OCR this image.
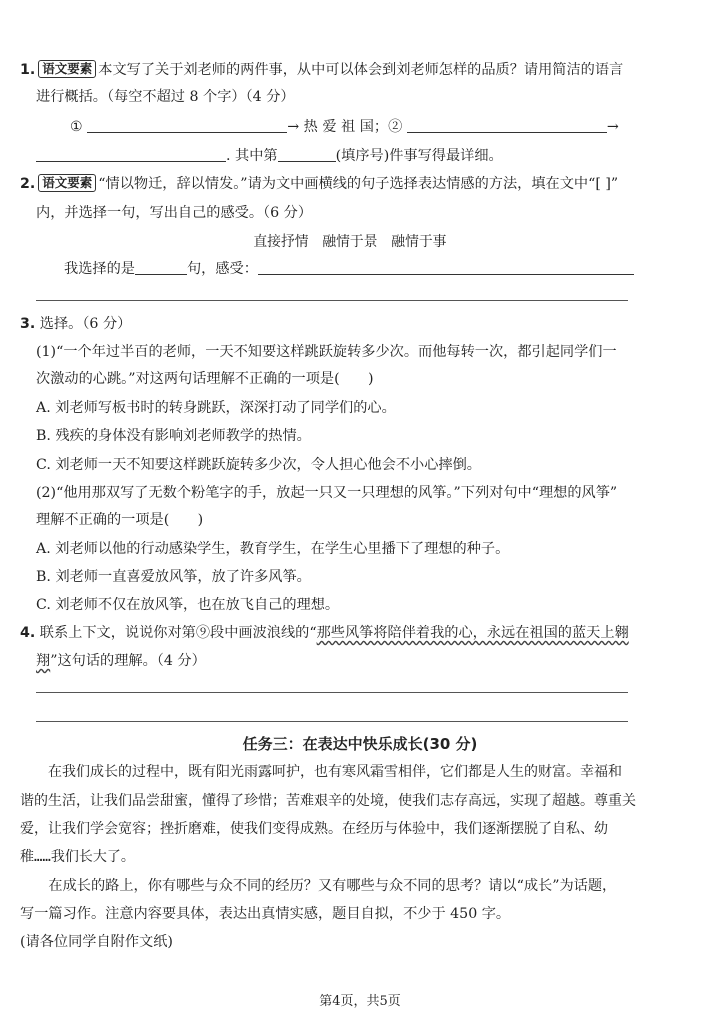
1. 语文要素 本文写了关于刘老师的两件事，从中可以体会到刘老师怎样的品质？请用简洁的语言
进行概括。（每空不超过 8 个字）（4 分）
①	→ 热 爱 祖 国；②	→
. 其中第	(填序号)件事写得最详细。
2. 语文要素 “情以物迁，辞以情发。”请为文中画横线的句子选择表达情感的方法，填在文中“[ ]”
内，并选择一句，写出自己的感受。（6 分）
直接抒情　融情于景　融情于事
我选择的是	句，感受：
3. 选择。（6 分）
(1)“一个年过半百的老师，一天不知要这样跳跃旋转多少次。而他每转一次，都引起同学们一
次激动的心跳。”对这两句话理解不正确的一项是(　　)
A. 刘老师写板书时的转身跳跃，深深打动了同学们的心。
B. 残疾的身体没有影响刘老师教学的热情。
C. 刘老师一天不知要这样跳跃旋转多少次，令人担心他会不小心摔倒。
(2)“他用那双写了无数个粉笔字的手，放起一只又一只理想的风筝。”下列对句中“理想的风筝”
理解不正确的一项是(　　)
A. 刘老师以他的行动感染学生，教育学生，在学生心里播下了理想的种子。
B. 刘老师一直喜爱放风筝，放了许多风筝。
C. 刘老师不仅在放风筝，也在放飞自己的理想。
4. 联系上下文，说说你对第⑨段中画波浪线的“那些风筝将陪伴着我的心，永远在祖国的蓝天上翱
翔”这句话的理解。（4 分）
任务三：在表达中快乐成长(30 分)
　　在我们成长的过程中，既有阳光雨露呵护，也有寒风霜雪相伴，它们都是人生的财富。幸福和
谐的生活，让我们品尝甜蜜，懂得了珍惜；苦难艰辛的处境，使我们志存高远，实现了超越。尊重关
爱，让我们学会宽容；挫折磨难，使我们变得成熟。在经历与体验中，我们逐渐摆脱了自私、幼
稚……我们长大了。
　　在成长的路上，你有哪些与众不同的经历？又有哪些与众不同的思考？请以“成长”为话题，
写一篇习作。注意内容要具体，表达出真情实感，题目自拟，不少于 450 字。
(请各位同学自附作文纸)
第4页，共5页
